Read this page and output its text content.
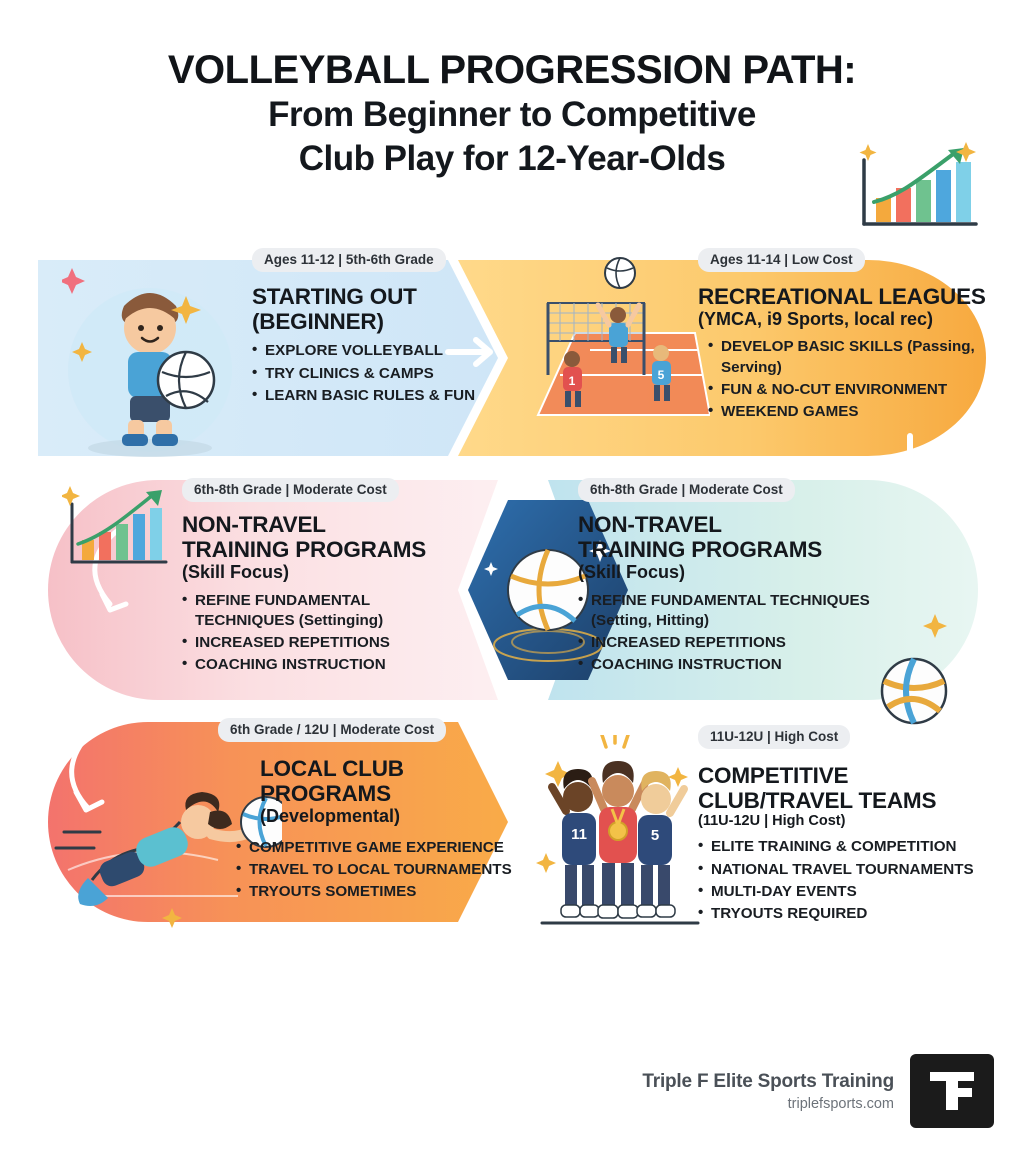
VOLLEYBALL PROGRESSION PATH:
From Beginner to Competitive
Club Play for 12-Year-Olds
Ages 11-12 | 5th-6th Grade
STARTING OUT
(BEGINNER)
• EXPLORE VOLLEYBALL
• TRY CLINICS & CAMPS
• LEARN BASIC RULES & FUN
1	5
Ages 11-14 | Low Cost
RECREATIONAL LEAGUES
(YMCA, i9 Sports, local rec)
• DEVELOP BASIC SKILLS (Passing, Serving)
• FUN & NO-CUT ENVIRONMENT
• WEEKEND GAMES
6th-8th Grade | Moderate Cost
NON-TRAVEL
TRAINING PROGRAMS
(Skill Focus)
• REFINE FUNDAMENTAL TECHNIQUES (Settinging)
• INCREASED REPETITIONS
• COACHING INSTRUCTION
6th-8th Grade | Moderate Cost
NON-TRAVEL
TRAINING PROGRAMS
(Skill Focus)
• REFINE FUNDAMENTAL TECHNIQUES (Setting, Hitting)
• INCREASED REPETITIONS
• COACHING INSTRUCTION
6th Grade / 12U | Moderate Cost
LOCAL CLUB
PROGRAMS
(Developmental)
• COMPETITIVE GAME EXPERIENCE
• TRAVEL TO LOCAL TOURNAMENTS
• TRYOUTS SOMETIMES
11	5
11U-12U | High Cost
COMPETITIVE
CLUB/TRAVEL TEAMS
(11U-12U | High Cost)
• ELITE TRAINING & COMPETITION
• NATIONAL TRAVEL TOURNAMENTS
• MULTI-DAY EVENTS
• TRYOUTS REQUIRED
Triple F Elite Sports Training
triplefsports.com
